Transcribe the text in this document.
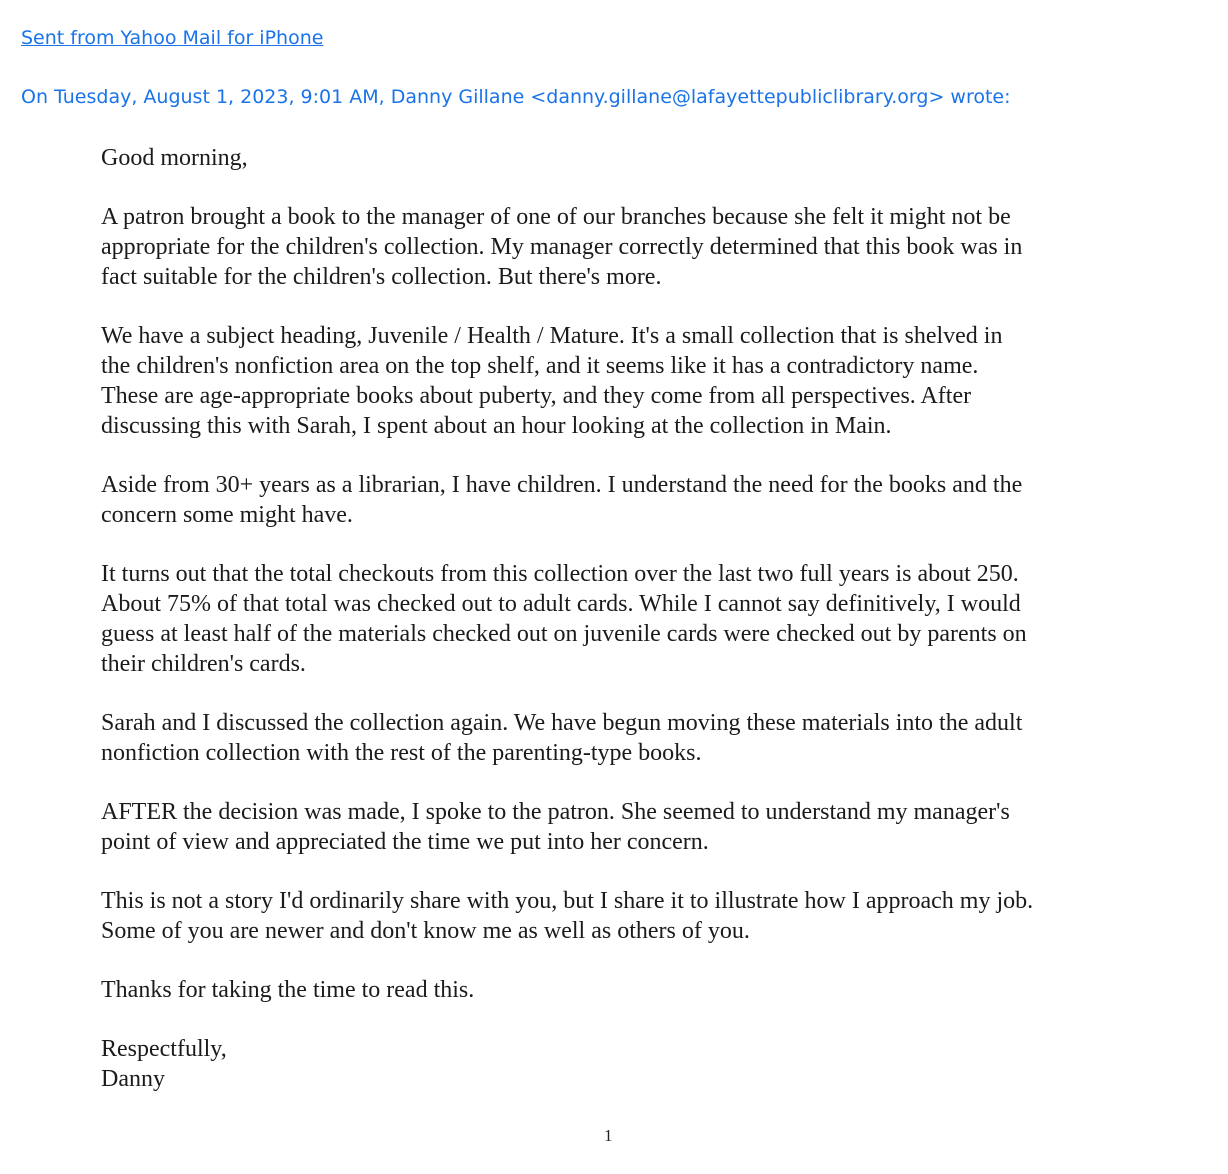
Sent from Yahoo Mail for iPhone
On Tuesday, August 1, 2023, 9:01 AM, Danny Gillane <danny.gillane@lafayettepubliclibrary.org> wrote:
Good morning,
A patron brought a book to the manager of one of our branches because she felt it might not be
appropriate for the children's collection. My manager correctly determined that this book was in
fact suitable for the children's collection. But there's more.
We have a subject heading, Juvenile / Health / Mature. It's a small collection that is shelved in
the children's nonfiction area on the top shelf, and it seems like it has a contradictory name.
These are age-appropriate books about puberty, and they come from all perspectives. After
discussing this with Sarah, I spent about an hour looking at the collection in Main.
Aside from 30+ years as a librarian, I have children. I understand the need for the books and the
concern some might have.
It turns out that the total checkouts from this collection over the last two full years is about 250.
About 75% of that total was checked out to adult cards. While I cannot say definitively, I would
guess at least half of the materials checked out on juvenile cards were checked out by parents on
their children's cards.
Sarah and I discussed the collection again. We have begun moving these materials into the adult
nonfiction collection with the rest of the parenting-type books.
AFTER the decision was made, I spoke to the patron. She seemed to understand my manager's
point of view and appreciated the time we put into her concern.
This is not a story I'd ordinarily share with you, but I share it to illustrate how I approach my job.
Some of you are newer and don't know me as well as others of you.
Thanks for taking the time to read this.
Respectfully,
Danny
1
